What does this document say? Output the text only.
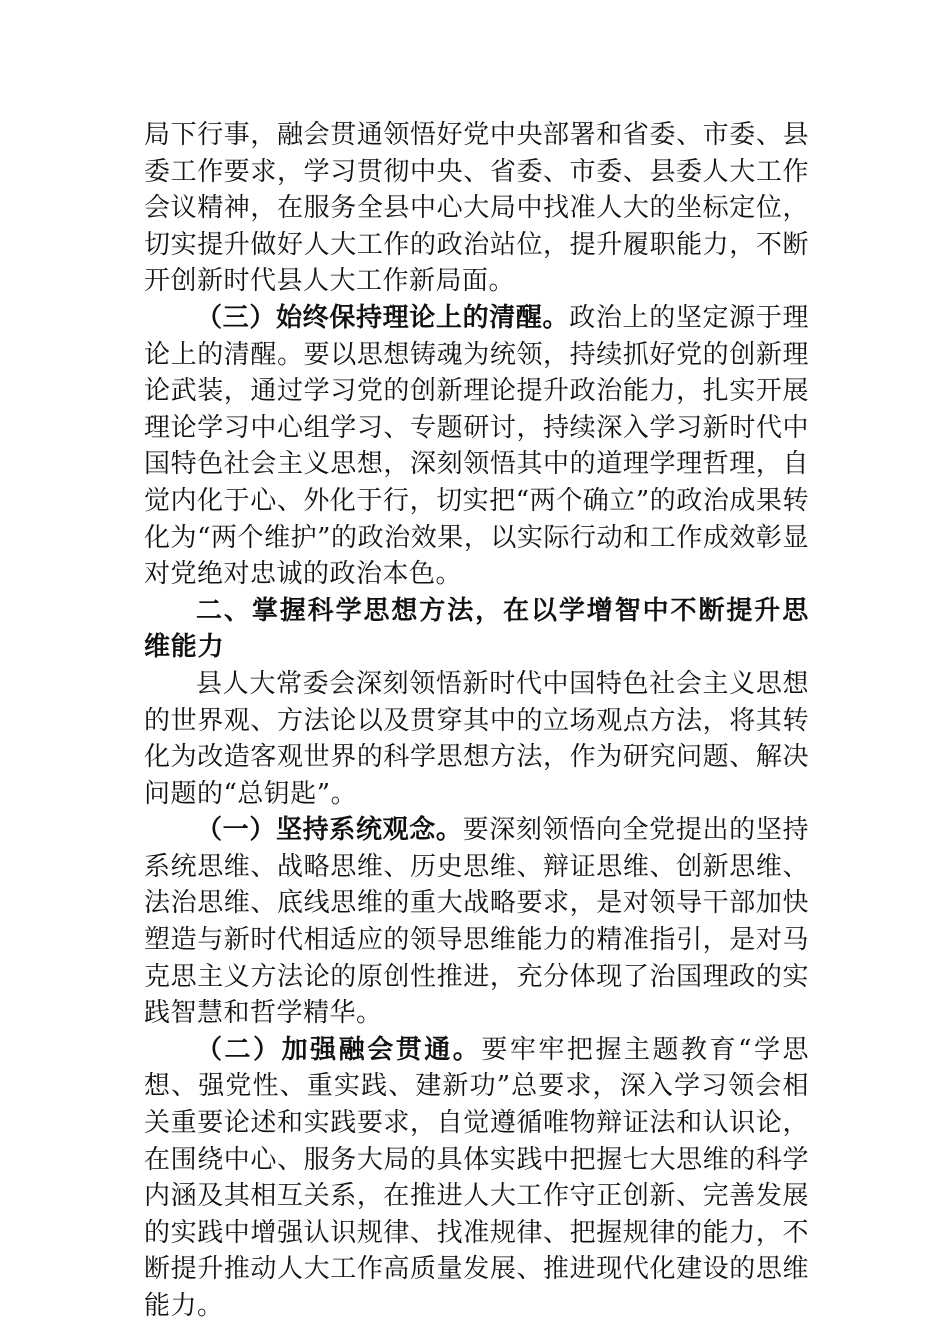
局下行事，融会贯通领悟好党中央部署和省委、市委、县委工作要求，学习贯彻中央、省委、市委、县委人大工作会议精神，在服务全县中心大局中找准人大的坐标定位，切实提升做好人大工作的政治站位，提升履职能力，不断开创新时代县人大工作新局面。

（三）始终保持理论上的清醒。政治上的坚定源于理论上的清醒。要以思想铸魂为统领，持续抓好党的创新理论武装，通过学习党的创新理论提升政治能力，扎实开展理论学习中心组学习、专题研讨，持续深入学习新时代中国特色社会主义思想，深刻领悟其中的道理学理哲理，自觉内化于心、外化于行，切实把“两个确立”的政治成果转化为“两个维护”的政治效果，以实际行动和工作成效彰显对党绝对忠诚的政治本色。

二、掌握科学思想方法，在以学增智中不断提升思维能力

县人大常委会深刻领悟新时代中国特色社会主义思想的世界观、方法论以及贯穿其中的立场观点方法，将其转化为改造客观世界的科学思想方法，作为研究问题、解决问题的“总钥匙”。

（一）坚持系统观念。要深刻领悟向全党提出的坚持系统思维、战略思维、历史思维、辩证思维、创新思维、法治思维、底线思维的重大战略要求，是对领导干部加快塑造与新时代相适应的领导思维能力的精准指引，是对马克思主义方法论的原创性推进，充分体现了治国理政的实践智慧和哲学精华。

（二）加强融会贯通。要牢牢把握主题教育“学思想、强党性、重实践、建新功”总要求，深入学习领会相关重要论述和实践要求，自觉遵循唯物辩证法和认识论，在围绕中心、服务大局的具体实践中把握七大思维的科学内涵及其相互关系，在推进人大工作守正创新、完善发展的实践中增强认识规律、找准规律、把握规律的能力，不断提升推动人大工作高质量发展、推进现代化建设的思维能力。
